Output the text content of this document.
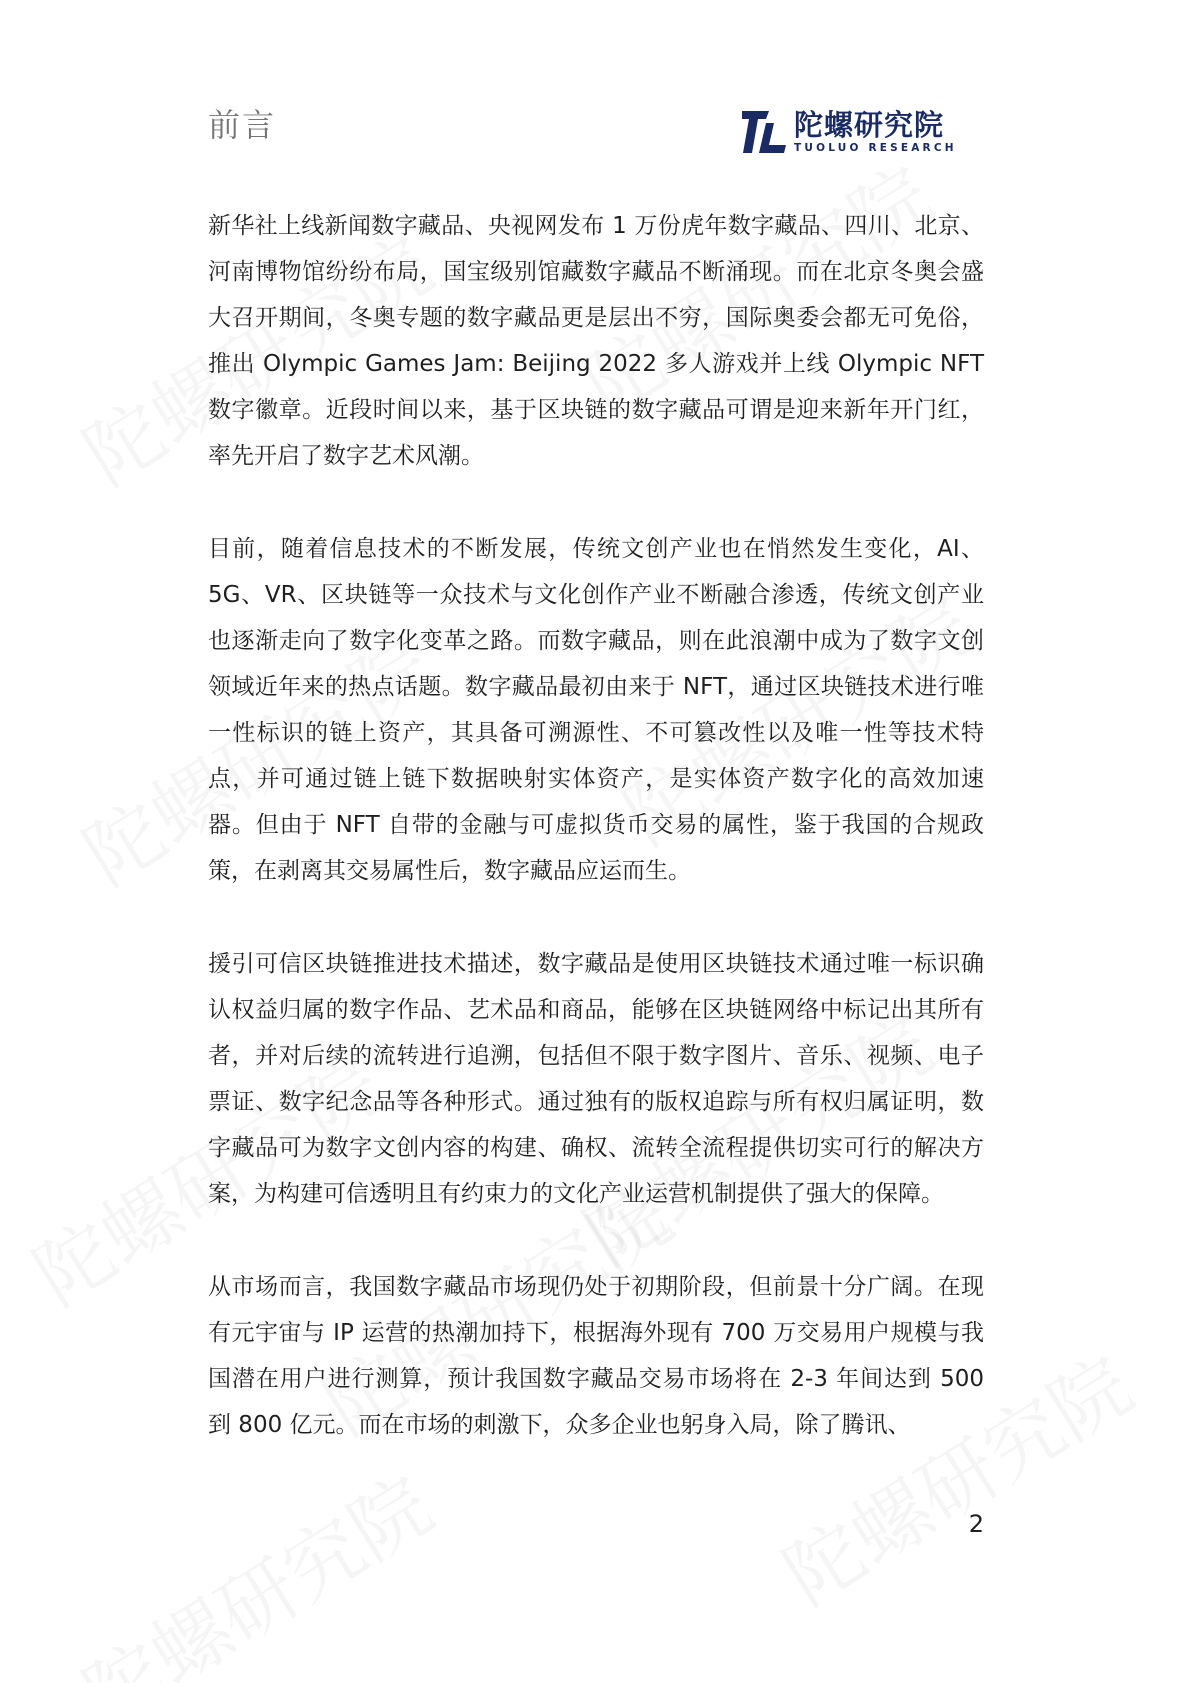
前言	陀螺研究院
TUOLUO RESEARCH

新华社上线新闻数字藏品、央视网发布 1 万份虎年数字藏品、四川、北京、河南博物馆纷纷布局，国宝级别馆藏数字藏品不断涌现。而在北京冬奥会盛大召开期间，冬奥专题的数字藏品更是层出不穷，国际奥委会都无可免俗，推出 Olympic Games Jam: Beijing 2022 多人游戏并上线 Olympic NFT 数字徽章。近段时间以来，基于区块链的数字藏品可谓是迎来新年开门红，率先开启了数字艺术风潮。

目前，随着信息技术的不断发展，传统文创产业也在悄然发生变化，AI、5G、VR、区块链等一众技术与文化创作产业不断融合渗透，传统文创产业也逐渐走向了数字化变革之路。而数字藏品，则在此浪潮中成为了数字文创领域近年来的热点话题。数字藏品最初由来于 NFT，通过区块链技术进行唯一性标识的链上资产，其具备可溯源性、不可篡改性以及唯一性等技术特点，并可通过链上链下数据映射实体资产，是实体资产数字化的高效加速器。但由于 NFT 自带的金融与可虚拟货币交易的属性，鉴于我国的合规政策，在剥离其交易属性后，数字藏品应运而生。

援引可信区块链推进技术描述，数字藏品是使用区块链技术通过唯一标识确认权益归属的数字作品、艺术品和商品，能够在区块链网络中标记出其所有者，并对后续的流转进行追溯，包括但不限于数字图片、音乐、视频、电子票证、数字纪念品等各种形式。通过独有的版权追踪与所有权归属证明，数字藏品可为数字文创内容的构建、确权、流转全流程提供切实可行的解决方案，为构建可信透明且有约束力的文化产业运营机制提供了强大的保障。

从市场而言，我国数字藏品市场现仍处于初期阶段，但前景十分广阔。在现有元宇宙与 IP 运营的热潮加持下，根据海外现有 700 万交易用户规模与我国潜在用户进行测算，预计我国数字藏品交易市场将在 2-3 年间达到 500 到 800 亿元。而在市场的刺激下，众多企业也躬身入局，除了腾讯、

2
